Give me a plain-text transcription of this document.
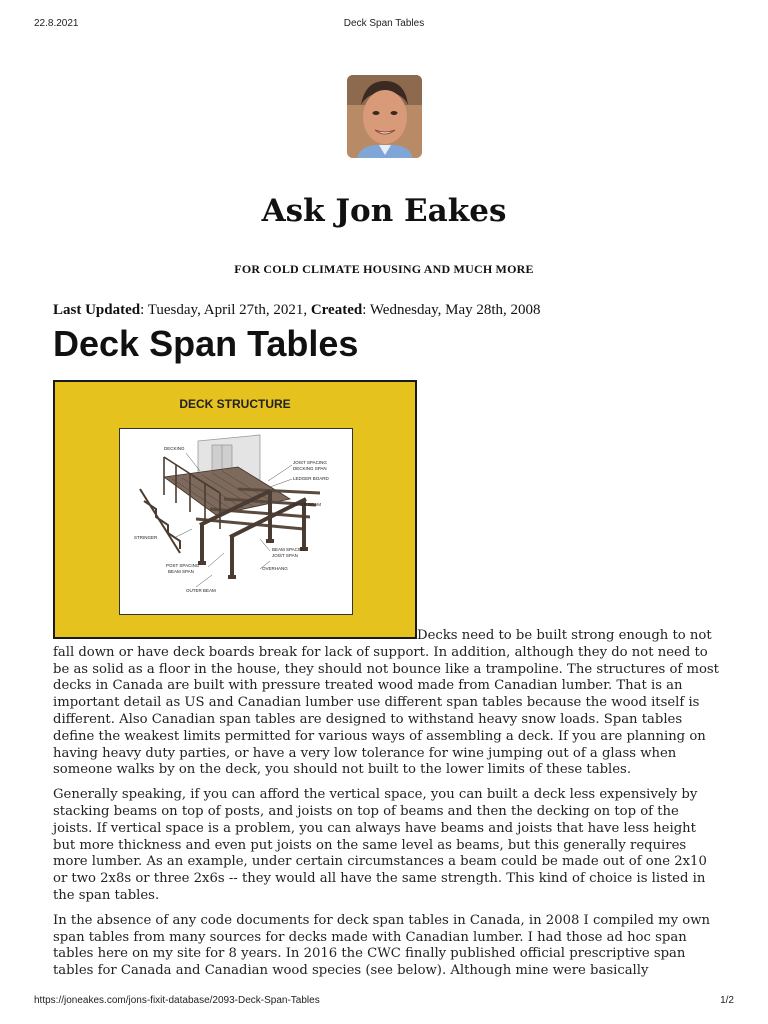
22.8.2021	Deck Span Tables
Ask Jon Eakes
FOR COLD CLIMATE HOUSING AND MUCH MORE
Last Updated: Tuesday, April 27th, 2021, Created: Wednesday, May 28th, 2008
Deck Span Tables
DECK STRUCTURE
DECKING
JOIST SPACING
DECKING SPAN
LEDGER BOARD
INNER BEAM
STRINGER
BEAM SPACING
JOIST SPAN
POST SPACING
BEAM SPAN
OVERHANG
OUTER BEAM

Decks need to be built strong enough to not fall down or have deck boards break for lack of support. In addition, although they do not need to be as solid as a floor in the house, they should not bounce like a trampoline. The structures of most decks in Canada are built with pressure treated wood made from Canadian lumber. That is an important detail as US and Canadian lumber use different span tables because the wood itself is different. Also Canadian span tables are designed to withstand heavy snow loads. Span tables define the weakest limits permitted for various ways of assembling a deck. If you are planning on having heavy duty parties, or have a very low tolerance for wine jumping out of a glass when someone walks by on the deck, you should not built to the lower limits of these tables.

Generally speaking, if you can afford the vertical space, you can built a deck less expensively by stacking beams on top of posts, and joists on top of beams and then the decking on top of the joists. If vertical space is a problem, you can always have beams and joists that have less height but more thickness and even put joists on the same level as beams, but this generally requires more lumber. As an example, under certain circumstances a beam could be made out of one 2x10 or two 2x8s or three 2x6s -- they would all have the same strength. This kind of choice is listed in the span tables.

In the absence of any code documents for deck span tables in Canada, in 2008 I compiled my own span tables from many sources for decks made with Canadian lumber. I had those ad hoc span tables here on my site for 8 years. In 2016 the CWC finally published official prescriptive span tables for Canada and Canadian wood species (see below). Although mine were basically

https://joneakes.com/jons-fixit-database/2093-Deck-Span-Tables	1/2
